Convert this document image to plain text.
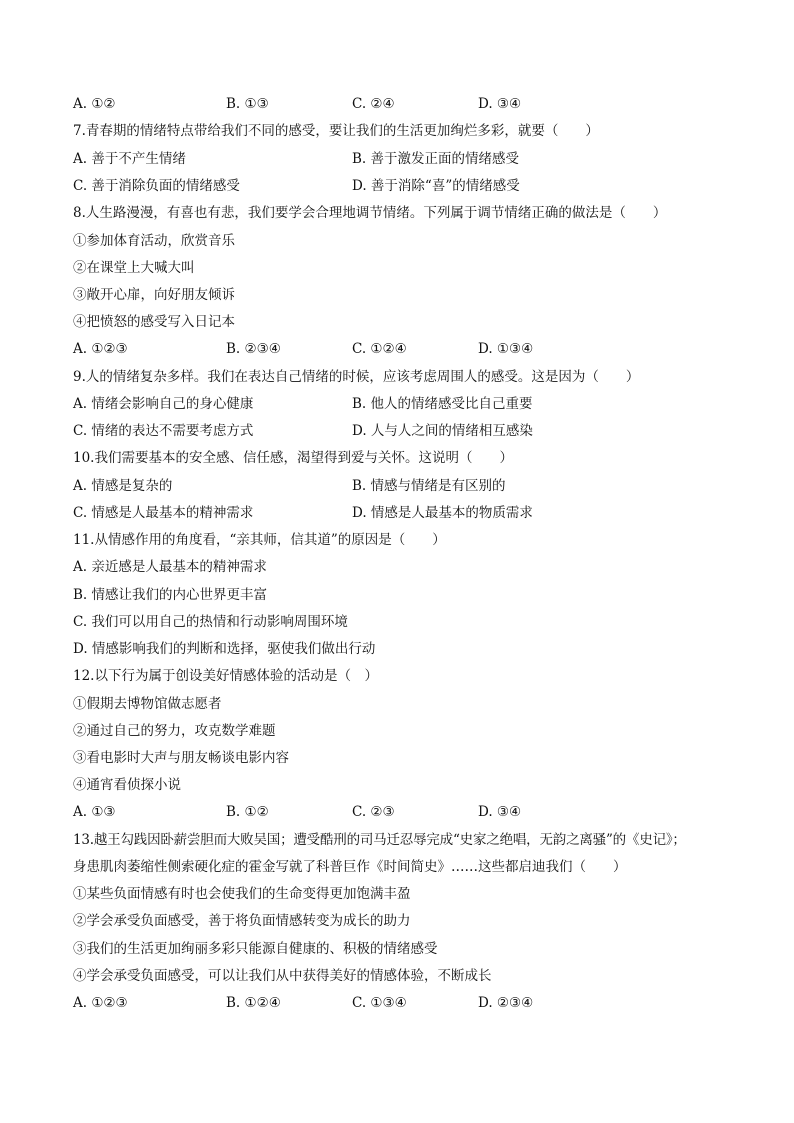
A. ①②	B. ①③	C. ②④	D. ③④
7.青春期的情绪特点带给我们不同的感受，要让我们的生活更加绚烂多彩，就要（　　）
A. 善于不产生情绪	B. 善于激发正面的情绪感受
C. 善于消除负面的情绪感受	D. 善于消除“喜”的情绪感受
8.人生路漫漫，有喜也有悲，我们要学会合理地调节情绪。下列属于调节情绪正确的做法是（　　）
①参加体育活动，欣赏音乐
②在课堂上大喊大叫
③敞开心扉，向好朋友倾诉
④把愤怒的感受写入日记本
A. ①②③	B. ②③④	C. ①②④	D. ①③④
9.人的情绪复杂多样。我们在表达自己情绪的时候，应该考虑周围人的感受。这是因为（　　）
A. 情绪会影响自己的身心健康	B. 他人的情绪感受比自己重要
C. 情绪的表达不需要考虑方式	D. 人与人之间的情绪相互感染
10.我们需要基本的安全感、信任感，渴望得到爱与关怀。这说明（　　）
A. 情感是复杂的	B. 情感与情绪是有区别的
C. 情感是人最基本的精神需求	D. 情感是人最基本的物质需求
11.从情感作用的角度看，“亲其师，信其道”的原因是（　　）
A. 亲近感是人最基本的精神需求
B. 情感让我们的内心世界更丰富
C. 我们可以用自己的热情和行动影响周围环境
D. 情感影响我们的判断和选择，驱使我们做出行动
12.以下行为属于创设美好情感体验的活动是（　）
①假期去博物馆做志愿者
②通过自己的努力，攻克数学难题
③看电影时大声与朋友畅谈电影内容
④通宵看侦探小说
A. ①③	B. ①②	C. ②③	D. ③④
13.越王勾践因卧薪尝胆而大败吴国；遭受酷刑的司马迁忍辱完成“史家之绝唱，无韵之离骚”的《史记》；
身患肌肉萎缩性侧索硬化症的霍金写就了科普巨作《时间简史》……这些都启迪我们（　　）
①某些负面情感有时也会使我们的生命变得更加饱满丰盈
②学会承受负面感受，善于将负面情感转变为成长的助力
③我们的生活更加绚丽多彩只能源自健康的、积极的情绪感受
④学会承受负面感受，可以让我们从中获得美好的情感体验，不断成长
A. ①②③	B. ①②④	C. ①③④	D. ②③④
